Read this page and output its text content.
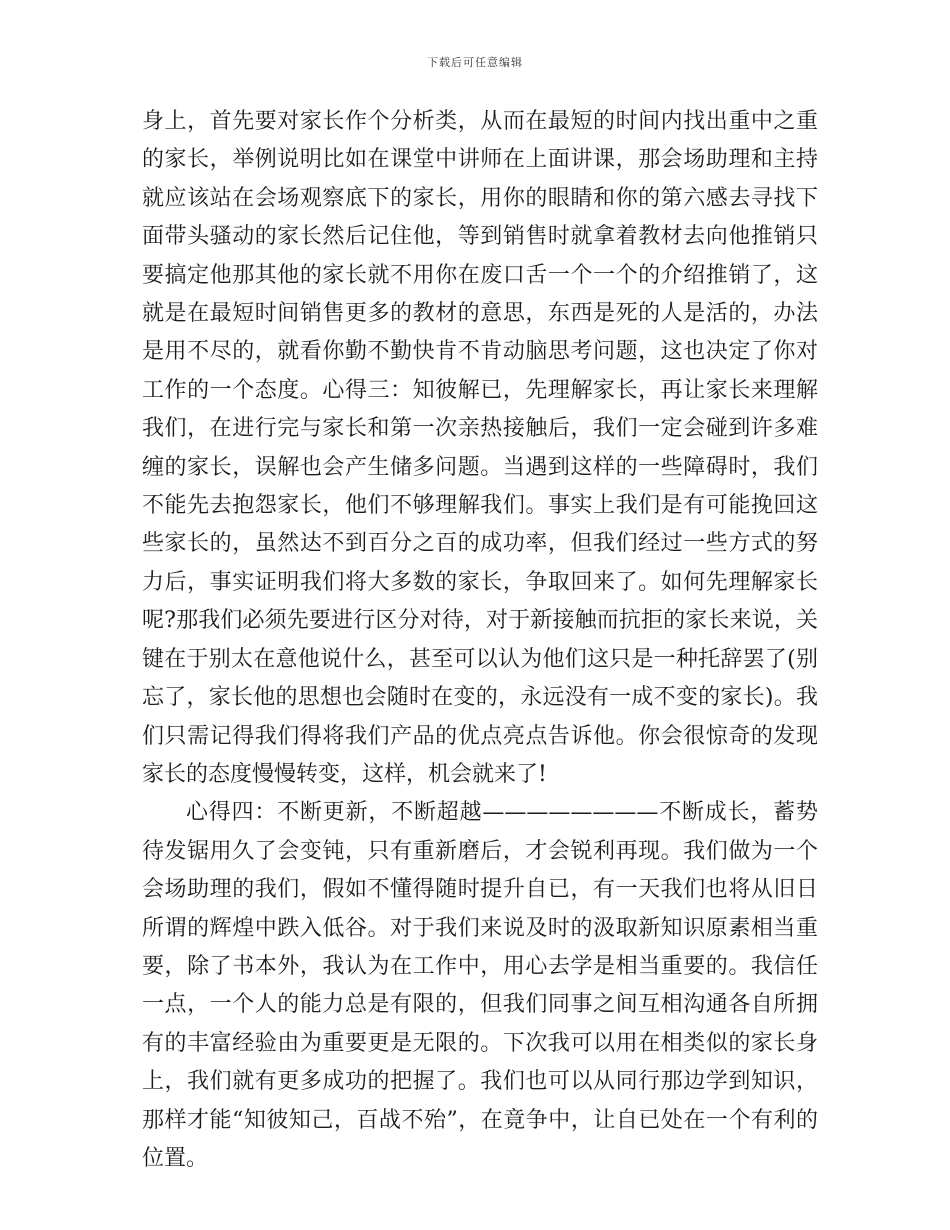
下载后可任意编辑

身上，首先要对家长作个分析类，从而在最短的时间内找出重中之重的家长，举例说明比如在课堂中讲师在上面讲课，那会场助理和主持就应该站在会场观察底下的家长，用你的眼睛和你的第六感去寻找下面带头骚动的家长然后记住他，等到销售时就拿着教材去向他推销只要搞定他那其他的家长就不用你在废口舌一个一个的介绍推销了，这就是在最短时间销售更多的教材的意思，东西是死的人是活的，办法是用不尽的，就看你勤不勤快肯不肯动脑思考问题，这也决定了你对工作的一个态度。心得三：知彼解已，先理解家长，再让家长来理解我们，在进行完与家长和第一次亲热接触后，我们一定会碰到许多难缠的家长，误解也会产生储多问题。当遇到这样的一些障碍时，我们不能先去抱怨家长，他们不够理解我们。事实上我们是有可能挽回这些家长的，虽然达不到百分之百的成功率，但我们经过一些方式的努力后，事实证明我们将大多数的家长，争取回来了。如何先理解家长呢?那我们必须先要进行区分对待，对于新接触而抗拒的家长来说，关键在于别太在意他说什么，甚至可以认为他们这只是一种托辞罢了(别忘了，家长他的思想也会随时在变的，永远没有一成不变的家长)。我们只需记得我们得将我们产品的优点亮点告诉他。你会很惊奇的发现家长的态度慢慢转变，这样，机会就来了!

心得四：不断更新，不断超越————————不断成长，蓄势待发锯用久了会变钝，只有重新磨后，才会锐利再现。我们做为一个会场助理的我们，假如不懂得随时提升自已，有一天我们也将从旧日所谓的辉煌中跌入低谷。对于我们来说及时的汲取新知识原素相当重要，除了书本外，我认为在工作中，用心去学是相当重要的。我信任一点，一个人的能力总是有限的，但我们同事之间互相沟通各自所拥有的丰富经验由为重要更是无限的。下次我可以用在相类似的家长身上，我们就有更多成功的把握了。我们也可以从同行那边学到知识，那样才能“知彼知己，百战不殆”，在竟争中，让自已处在一个有利的位置。
